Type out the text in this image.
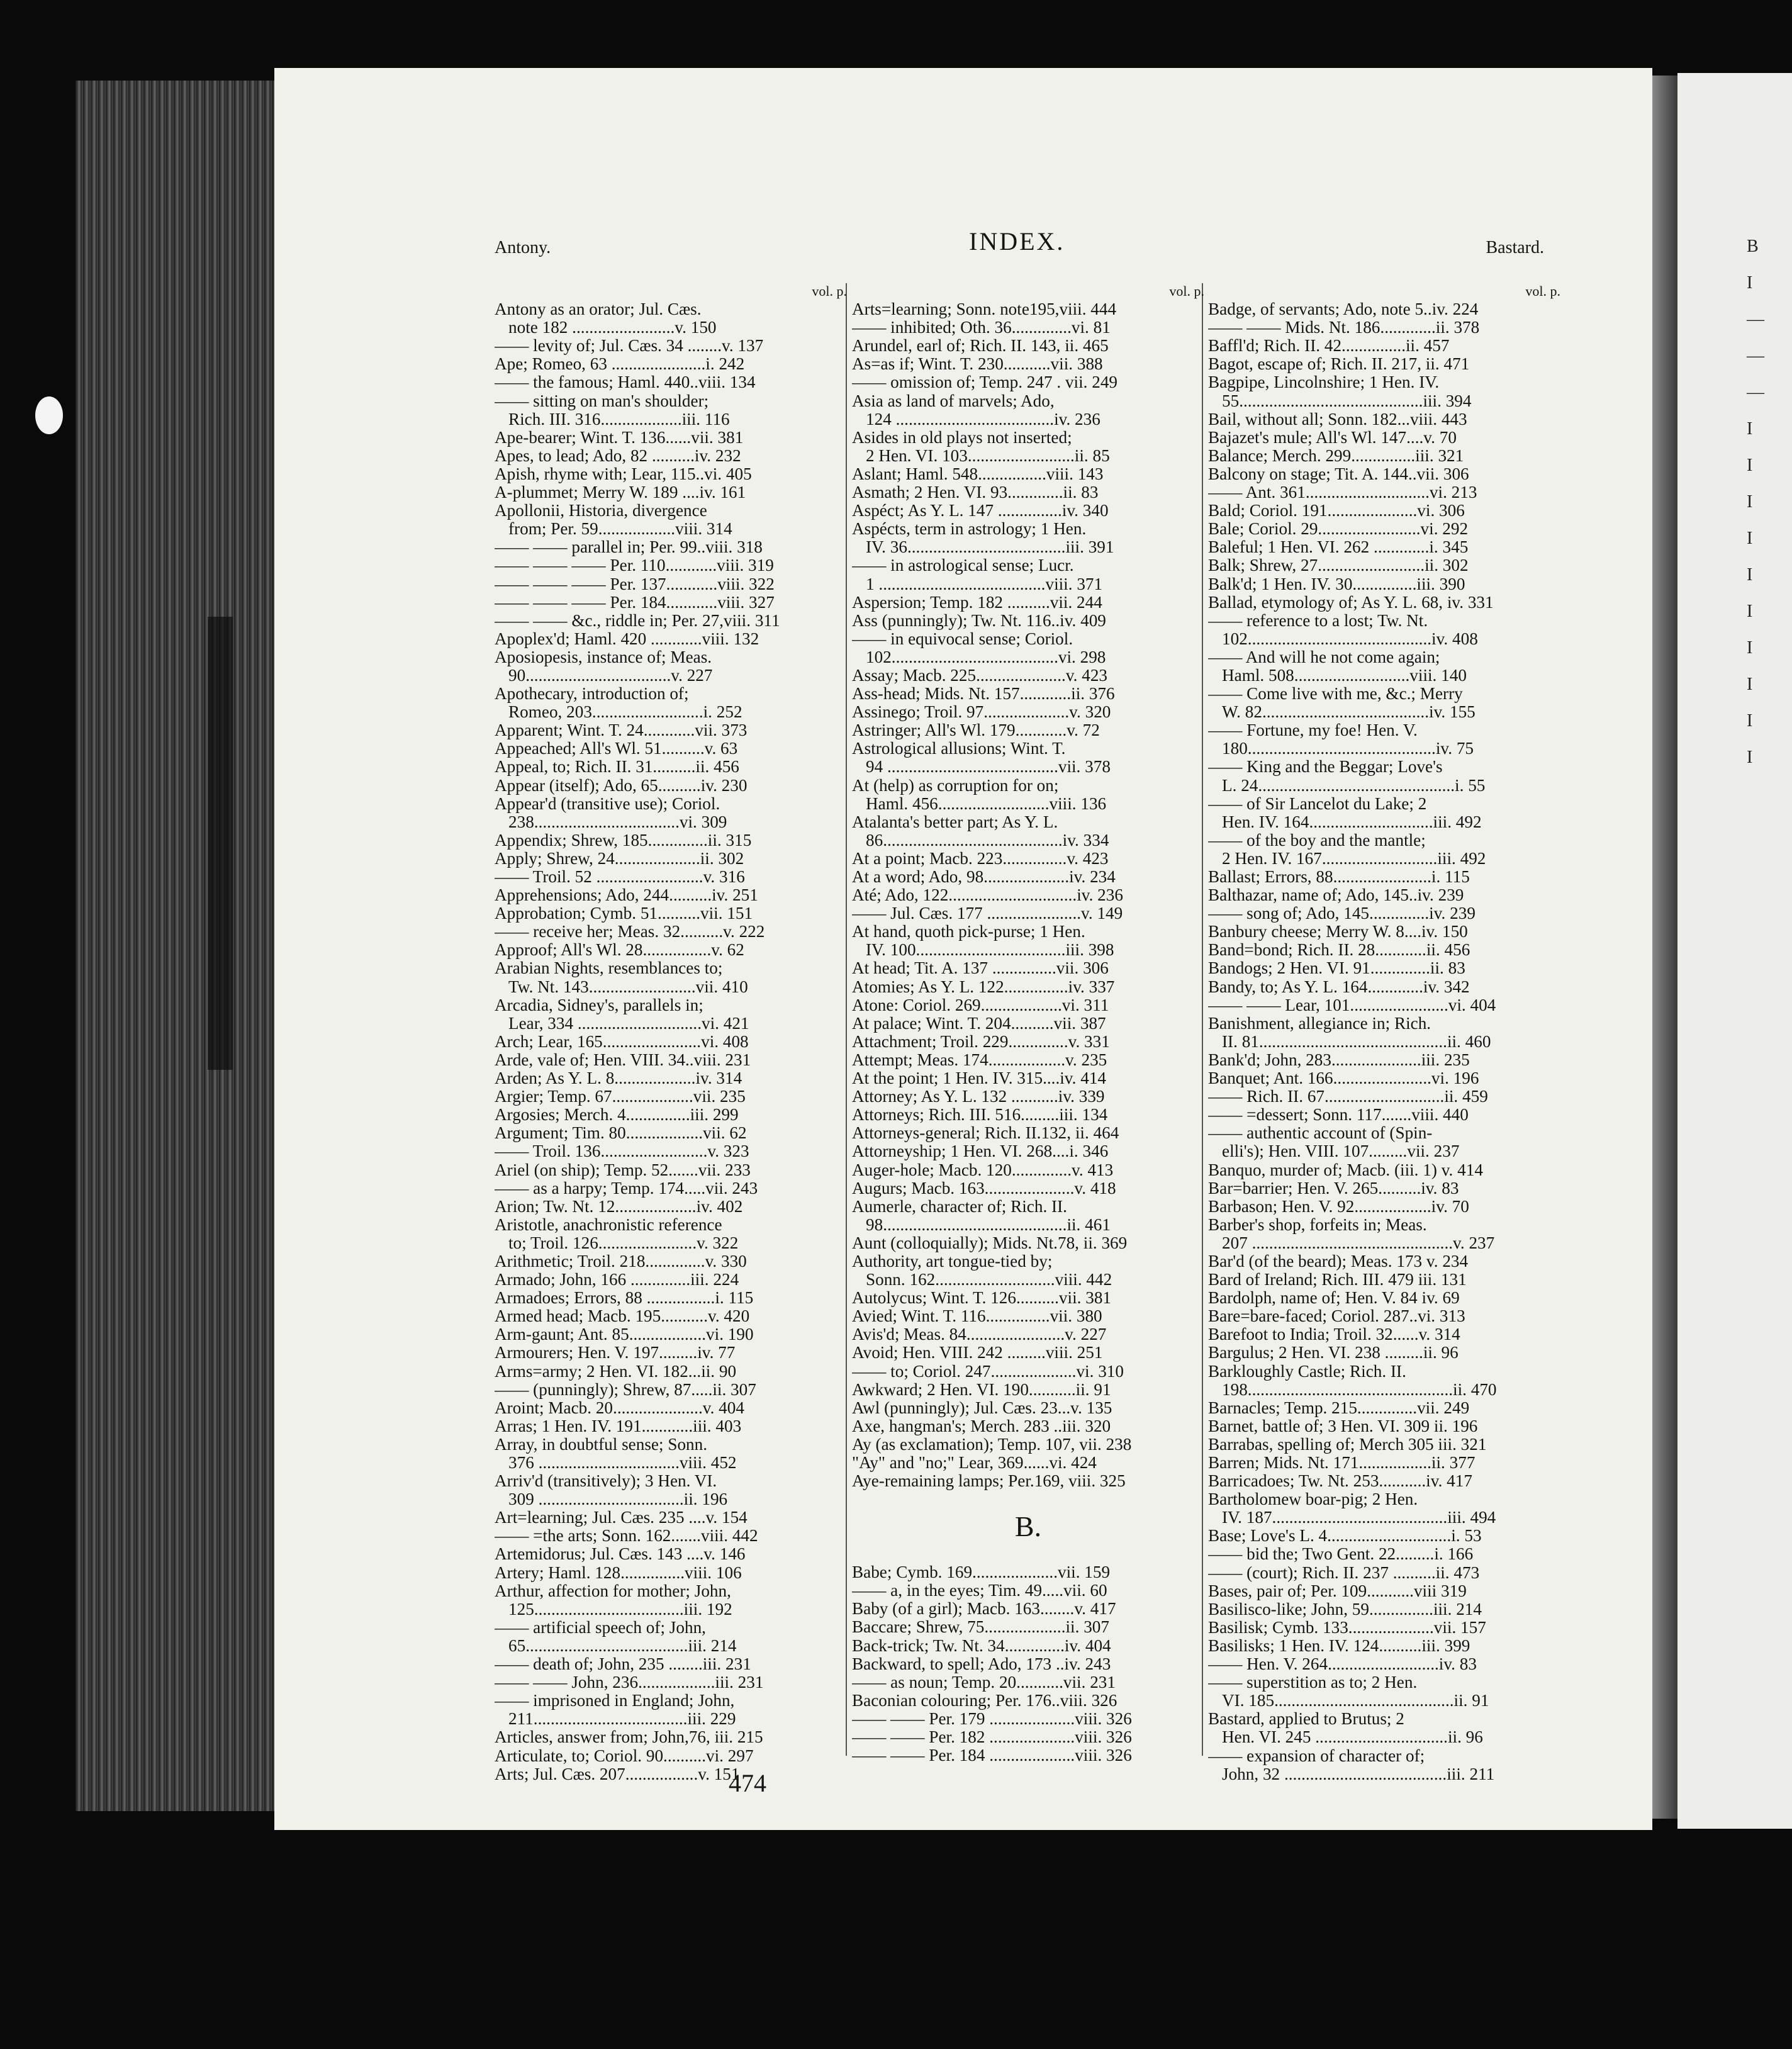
B
I
—
—
—
I
I
I
I
I
I
I
I
I
I
Antony.	INDEX.	Bastard.
vol. p.
Antony as an orator; Jul. Cæs.
note 182 ........................v. 150
—— levity of; Jul. Cæs. 34 ........v. 137
Ape; Romeo, 63 ......................i. 242
—— the famous; Haml. 440..viii. 134
—— sitting on man's shoulder;
Rich. III. 316...................iii. 116
Ape-bearer; Wint. T. 136......vii. 381
Apes, to lead; Ado, 82 ..........iv. 232
Apish, rhyme with; Lear, 115..vi. 405
A-plummet; Merry W. 189 ....iv. 161
Apollonii, Historia, divergence
from; Per. 59..................viii. 314
—— —— parallel in; Per. 99..viii. 318
—— —— —— Per. 110............viii. 319
—— —— —— Per. 137............viii. 322
—— —— —— Per. 184............viii. 327
—— —— &c., riddle in; Per. 27,viii. 311
Apoplex'd; Haml. 420 ............viii. 132
Aposiopesis, instance of; Meas.
90..................................v. 227
Apothecary, introduction of;
Romeo, 203..........................i. 252
Apparent; Wint. T. 24............vii. 373
Appeached; All's Wl. 51..........v. 63
Appeal, to; Rich. II. 31..........ii. 456
Appear (itself); Ado, 65..........iv. 230
Appear'd (transitive use); Coriol.
238..................................vi. 309
Appendix; Shrew, 185..............ii. 315
Apply; Shrew, 24....................ii. 302
—— Troil. 52 .........................v. 316
Apprehensions; Ado, 244..........iv. 251
Approbation; Cymb. 51..........vii. 151
—— receive her; Meas. 32..........v. 222
Approof; All's Wl. 28................v. 62
Arabian Nights, resemblances to;
Tw. Nt. 143.........................vii. 410
Arcadia, Sidney's, parallels in;
Lear, 334 .............................vi. 421
Arch; Lear, 165.......................vi. 408
Arde, vale of; Hen. VIII. 34..viii. 231
Arden; As Y. L. 8...................iv. 314
Argier; Temp. 67...................vii. 235
Argosies; Merch. 4...............iii. 299
Argument; Tim. 80..................vii. 62
—— Troil. 136.........................v. 323
Ariel (on ship); Temp. 52.......vii. 233
—— as a harpy; Temp. 174.....vii. 243
Arion; Tw. Nt. 12...................iv. 402
Aristotle, anachronistic reference
to; Troil. 126.......................v. 322
Arithmetic; Troil. 218..............v. 330
Armado; John, 166 ..............iii. 224
Armadoes; Errors, 88 ................i. 115
Armed head; Macb. 195...........v. 420
Arm-gaunt; Ant. 85..................vi. 190
Armourers; Hen. V. 197.........iv. 77
Arms=army; 2 Hen. VI. 182...ii. 90
—— (punningly); Shrew, 87.....ii. 307
Aroint; Macb. 20.....................v. 404
Arras; 1 Hen. IV. 191............iii. 403
Array, in doubtful sense; Sonn.
376 .................................viii. 452
Arriv'd (transitively); 3 Hen. VI.
309 ..................................ii. 196
Art=learning; Jul. Cæs. 235 ....v. 154
—— =the arts; Sonn. 162.......viii. 442
Artemidorus; Jul. Cæs. 143 ....v. 146
Artery; Haml. 128...............viii. 106
Arthur, affection for mother; John,
125...................................iii. 192
—— artificial speech of; John,
65......................................iii. 214
—— death of; John, 235 ........iii. 231
—— —— John, 236..................iii. 231
—— imprisoned in England; John,
211....................................iii. 229
Articles, answer from; John,76, iii. 215
Articulate, to; Coriol. 90..........vi. 297
Arts; Jul. Cæs. 207.................v. 151
vol. p.
Arts=learning; Sonn. note195,viii. 444
—— inhibited; Oth. 36..............vi. 81
Arundel, earl of; Rich. II. 143, ii. 465
As=as if; Wint. T. 230...........vii. 388
—— omission of; Temp. 247 . vii. 249
Asia as land of marvels; Ado,
124 .....................................iv. 236
Asides in old plays not inserted;
2 Hen. VI. 103.........................ii. 85
Aslant; Haml. 548................viii. 143
Asmath; 2 Hen. VI. 93.............ii. 83
Aspéct; As Y. L. 147 ...............iv. 340
Aspécts, term in astrology; 1 Hen.
IV. 36.....................................iii. 391
—— in astrological sense; Lucr.
1 .......................................viii. 371
Aspersion; Temp. 182 ..........vii. 244
Ass (punningly); Tw. Nt. 116..iv. 409
—— in equivocal sense; Coriol.
102.......................................vi. 298
Assay; Macb. 225.....................v. 423
Ass-head; Mids. Nt. 157............ii. 376
Assinego; Troil. 97....................v. 320
Astringer; All's Wl. 179............v. 72
Astrological allusions; Wint. T.
94 ........................................vii. 378
At (help) as corruption for on;
Haml. 456..........................viii. 136
Atalanta's better part; As Y. L.
86..........................................iv. 334
At a point; Macb. 223...............v. 423
At a word; Ado, 98....................iv. 234
Até; Ado, 122..............................iv. 236
—— Jul. Cæs. 177 ......................v. 149
At hand, quoth pick-purse; 1 Hen.
IV. 100...................................iii. 398
At head; Tit. A. 137 ...............vii. 306
Atomies; As Y. L. 122...............iv. 337
Atone: Coriol. 269...................vi. 311
At palace; Wint. T. 204..........vii. 387
Attachment; Troil. 229..............v. 331
Attempt; Meas. 174..................v. 235
At the point; 1 Hen. IV. 315....iv. 414
Attorney; As Y. L. 132 ...........iv. 339
Attorneys; Rich. III. 516.........iii. 134
Attorneys-general; Rich. II.132, ii. 464
Attorneyship; 1 Hen. VI. 268....i. 346
Auger-hole; Macb. 120..............v. 413
Augurs; Macb. 163.....................v. 418
Aumerle, character of; Rich. II.
98...........................................ii. 461
Aunt (colloquially); Mids. Nt.78, ii. 369
Authority, art tongue-tied by;
Sonn. 162............................viii. 442
Autolycus; Wint. T. 126..........vii. 381
Avied; Wint. T. 116...............vii. 380
Avis'd; Meas. 84.......................v. 227
Avoid; Hen. VIII. 242 .........viii. 251
—— to; Coriol. 247....................vi. 310
Awkward; 2 Hen. VI. 190...........ii. 91
Awl (punningly); Jul. Cæs. 23...v. 135
Axe, hangman's; Merch. 283 ..iii. 320
Ay (as exclamation); Temp. 107, vii. 238
"Ay" and "no;" Lear, 369......vi. 424
Aye-remaining lamps; Per.169, viii. 325
B.
Babe; Cymb. 169....................vii. 159
—— a, in the eyes; Tim. 49.....vii. 60
Baby (of a girl); Macb. 163........v. 417
Baccare; Shrew, 75...................ii. 307
Back-trick; Tw. Nt. 34..............iv. 404
Backward, to spell; Ado, 173 ..iv. 243
—— as noun; Temp. 20...........vii. 231
Baconian colouring; Per. 176..viii. 326
—— —— Per. 179 ....................viii. 326
—— —— Per. 182 ....................viii. 326
—— —— Per. 184 ....................viii. 326
vol. p.
Badge, of servants; Ado, note 5..iv. 224
—— —— Mids. Nt. 186.............ii. 378
Baffl'd; Rich. II. 42...............ii. 457
Bagot, escape of; Rich. II. 217, ii. 471
Bagpipe, Lincolnshire; 1 Hen. IV.
55...........................................iii. 394
Bail, without all; Sonn. 182...viii. 443
Bajazet's mule; All's Wl. 147....v. 70
Balance; Merch. 299...............iii. 321
Balcony on stage; Tit. A. 144..vii. 306
—— Ant. 361.............................vi. 213
Bald; Coriol. 191.....................vi. 306
Bale; Coriol. 29........................vi. 292
Baleful; 1 Hen. VI. 262 .............i. 345
Balk; Shrew, 27.........................ii. 302
Balk'd; 1 Hen. IV. 30...............iii. 390
Ballad, etymology of; As Y. L. 68, iv. 331
—— reference to a lost; Tw. Nt.
102...........................................iv. 408
—— And will he not come again;
Haml. 508...........................viii. 140
—— Come live with me, &c.; Merry
W. 82.......................................iv. 155
—— Fortune, my foe! Hen. V.
180............................................iv. 75
—— King and the Beggar; Love's
L. 24..............................................i. 55
—— of Sir Lancelot du Lake; 2
Hen. IV. 164.............................iii. 492
—— of the boy and the mantle;
2 Hen. IV. 167...........................iii. 492
Ballast; Errors, 88.......................i. 115
Balthazar, name of; Ado, 145..iv. 239
—— song of; Ado, 145..............iv. 239
Banbury cheese; Merry W. 8....iv. 150
Band=bond; Rich. II. 28............ii. 456
Bandogs; 2 Hen. VI. 91..............ii. 83
Bandy, to; As Y. L. 164.............iv. 342
—— —— Lear, 101.......................vi. 404
Banishment, allegiance in; Rich.
II. 81............................................ii. 460
Bank'd; John, 283.....................iii. 235
Banquet; Ant. 166.......................vi. 196
—— Rich. II. 67............................ii. 459
—— =dessert; Sonn. 117.......viii. 440
—— authentic account of (Spin-
elli's); Hen. VIII. 107.........vii. 237
Banquo, murder of; Macb. (iii. 1) v. 414
Bar=barrier; Hen. V. 265..........iv. 83
Barbason; Hen. V. 92..................iv. 70
Barber's shop, forfeits in; Meas.
207 ...............................................v. 237
Bar'd (of the beard); Meas. 173 v. 234
Bard of Ireland; Rich. III. 479 iii. 131
Bardolph, name of; Hen. V. 84 iv. 69
Bare=bare-faced; Coriol. 287..vi. 313
Barefoot to India; Troil. 32......v. 314
Bargulus; 2 Hen. VI. 238 .........ii. 96
Barkloughly Castle; Rich. II.
198................................................ii. 470
Barnacles; Temp. 215..............vii. 249
Barnet, battle of; 3 Hen. VI. 309 ii. 196
Barrabas, spelling of; Merch 305 iii. 321
Barren; Mids. Nt. 171.................ii. 377
Barricadoes; Tw. Nt. 253...........iv. 417
Bartholomew boar-pig; 2 Hen.
IV. 187.........................................iii. 494
Base; Love's L. 4.............................i. 53
—— bid the; Two Gent. 22.........i. 166
—— (court); Rich. II. 237 ..........ii. 473
Bases, pair of; Per. 109...........viii 319
Basilisco-like; John, 59...............iii. 214
Basilisk; Cymb. 133....................vii. 157
Basilisks; 1 Hen. IV. 124..........iii. 399
—— Hen. V. 264..........................iv. 83
—— superstition as to; 2 Hen.
VI. 185..........................................ii. 91
Bastard, applied to Brutus; 2
Hen. VI. 245 ...............................ii. 96
—— expansion of character of;
John, 32 ......................................iii. 211
474
